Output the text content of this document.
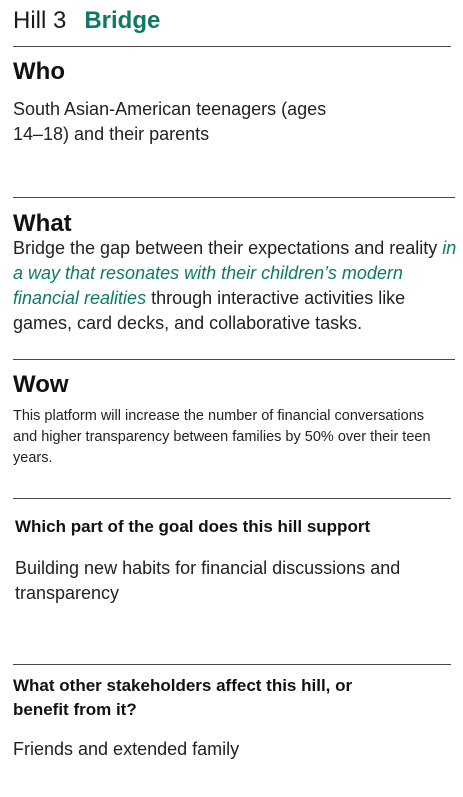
Hill 3 Bridge
Who
South Asian-American teenagers (ages 14–18) and their parents
What
Bridge the gap between their expectations and reality in a way that resonates with their children’s modern financial realities through interactive activities like games, card decks, and collaborative tasks.
Wow
This platform will increase the number of financial conversations and higher transparency between families by 50% over their teen years.
Which part of the goal does this hill support
Building new habits for financial discussions and transparency
What other stakeholders affect this hill, or benefit from it?
Friends and extended family
